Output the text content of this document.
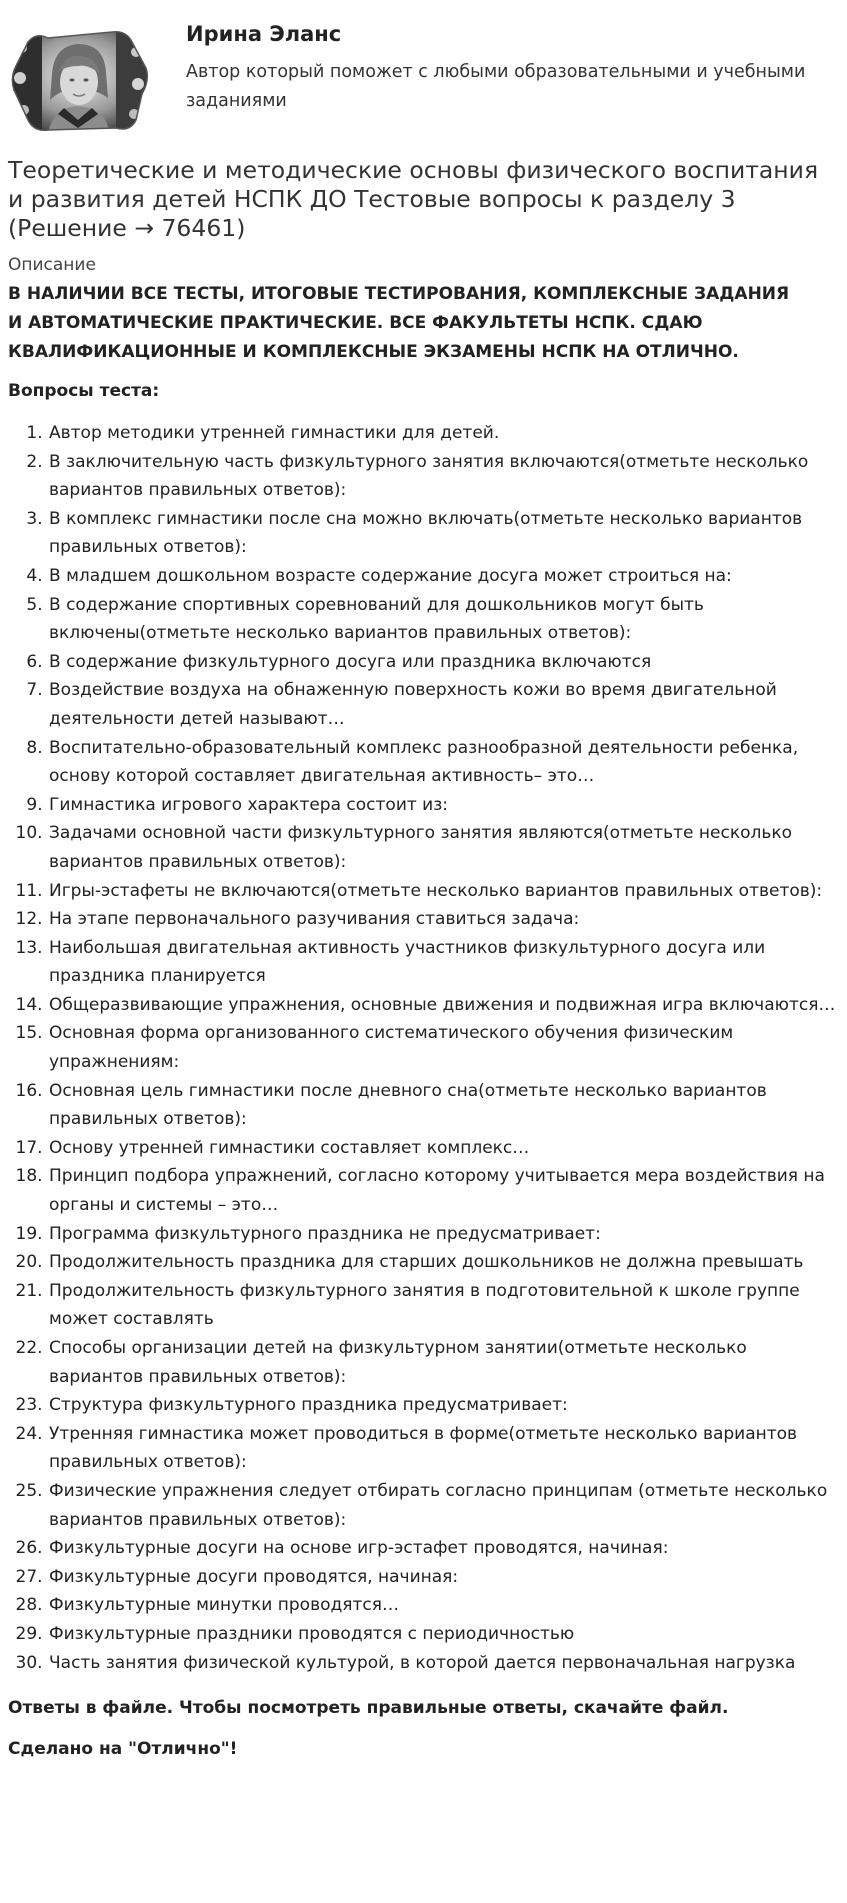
Ирина Эланс

Автор который поможет с любыми образовательными и учебными заданиями

Теоретические и методические основы физического воспитания и развития детей НСПК ДО Тестовые вопросы к разделу 3 (Решение → 76461)
Описание
В НАЛИЧИИ ВСЕ ТЕСТЫ, ИТОГОВЫЕ ТЕСТИРОВАНИЯ, КОМПЛЕКСНЫЕ ЗАДАНИЯ И АВТОМАТИЧЕСКИЕ ПРАКТИЧЕСКИЕ. ВСЕ ФАКУЛЬТЕТЫ НСПК. СДАЮ КВАЛИФИКАЦИОННЫЕ И КОМПЛЕКСНЫЕ ЭКЗАМЕНЫ НСПК НА ОТЛИЧНО.
Вопросы теста:
1. Автор методики утренней гимнастики для детей.
2. В заключительную часть физкультурного занятия включаются(отметьте несколько вариантов правильных ответов):
3. В комплекс гимнастики после сна можно включать(отметьте несколько вариантов правильных ответов):
4. В младшем дошкольном возрасте содержание досуга может строиться на:
5. В содержание спортивных соревнований для дошкольников могут быть включены(отметьте несколько вариантов правильных ответов):
6. В содержание физкультурного досуга или праздника включаются
7. Воздействие воздуха на обнаженную поверхность кожи во время двигательной деятельности детей называют…
8. Воспитательно-образовательный комплекс разнообразной деятельности ребенка, основу которой составляет двигательная активность– это…
9. Гимнастика игрового характера состоит из:
10. Задачами основной части физкультурного занятия являются(отметьте несколько вариантов правильных ответов):
11. Игры-эстафеты не включаются(отметьте несколько вариантов правильных ответов):
12. На этапе первоначального разучивания ставиться задача:
13. Наибольшая двигательная активность участников физкультурного досуга или праздника планируется
14. Общеразвивающие упражнения, основные движения и подвижная игра включаются…
15. Основная форма организованного систематического обучения физическим упражнениям:
16. Основная цель гимнастики после дневного сна(отметьте несколько вариантов правильных ответов):
17. Основу утренней гимнастики составляет комплекс…
18. Принцип подбора упражнений, согласно которому учитывается мера воздействия на органы и системы – это…
19. Программа физкультурного праздника не предусматривает:
20. Продолжительность праздника для старших дошкольников не должна превышать
21. Продолжительность физкультурного занятия в подготовительной к школе группе может составлять
22. Способы организации детей на физкультурном занятии(отметьте несколько вариантов правильных ответов):
23. Структура физкультурного праздника предусматривает:
24. Утренняя гимнастика может проводиться в форме(отметьте несколько вариантов правильных ответов):
25. Физические упражнения следует отбирать согласно принципам (отметьте несколько вариантов правильных ответов):
26. Физкультурные досуги на основе игр-эстафет проводятся, начиная:
27. Физкультурные досуги проводятся, начиная:
28. Физкультурные минутки проводятся…
29. Физкультурные праздники проводятся с периодичностью
30. Часть занятия физической культурой, в которой дается первоначальная нагрузка
Ответы в файле. Чтобы посмотреть правильные ответы, скачайте файл.
Сделано на "Отлично"!
